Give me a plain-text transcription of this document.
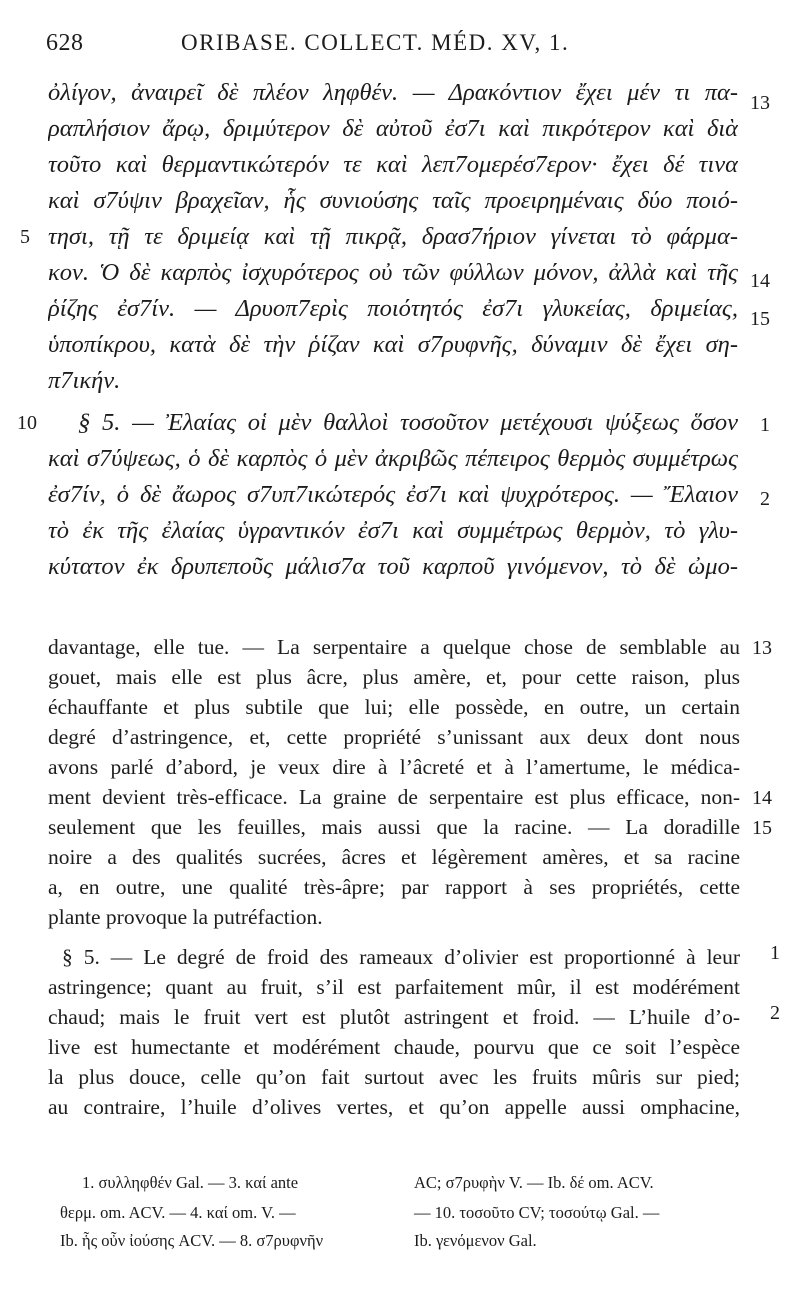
628	ORIBASE. COLLECT. MÉD. XV, 1.
ὀλίγον, ἀναιρεῖ δὲ πλέον ληφθέν. — Δρακόντιον ἔχει μέν τι πα-
ραπλήσιον ἄρῳ, δριμύτερον δὲ αὐτοῦ ἐσ7ι καὶ πικρότερον καὶ διὰ
τοῦτο καὶ θερμαντικώτερόν τε καὶ λεπ7ομερέσ7ερον· ἔχει δέ τινα
καὶ σ7ύψιν βραχεῖαν, ἧς συνιούσης ταῖς προειρημέναις δύο ποιό-
τησι, τῇ τε δριμείᾳ καὶ τῇ πικρᾷ, δρασ7ήριον γίνεται τὸ φάρμα-
κον. Ὁ δὲ καρπὸς ἰσχυρότερος οὐ τῶν φύλλων μόνον, ἀλλὰ καὶ τῆς
ῥίζης ἐσ7ίν. — Δρυοπ7ερὶς ποιότητός ἐσ7ι γλυκείας, δριμείας,
ὑποπίκρου, κατὰ δὲ τὴν ῥίζαν καὶ σ7ρυφνῆς, δύναμιν δὲ ἔχει ση-
π7ικήν.
§ 5. — Ἐλαίας οἱ μὲν θαλλοὶ τοσοῦτον μετέχουσι ψύξεως ὅσον
καὶ σ7ύψεως, ὁ δὲ καρπὸς ὁ μὲν ἀκριβῶς πέπειρος θερμὸς συμμέτρως
ἐσ7ίν, ὁ δὲ ἄωρος σ7υπ7ικώτερός ἐσ7ι καὶ ψυχρότερος. — Ἔλαιον
τὸ ἐκ τῆς ἐλαίας ὑγραντικόν ἐσ7ι καὶ συμμέτρως θερμὸν, τὸ γλυ-
κύτατον ἐκ δρυπεποῦς μάλισ7α τοῦ καρποῦ γινόμενον, τὸ δὲ ὠμο-
5
10
13
14
15
1
2
davantage, elle tue. — La serpentaire a quelque chose de semblable au
gouet, mais elle est plus âcre, plus amère, et, pour cette raison, plus
échauffante et plus subtile que lui; elle possède, en outre, un certain
degré d’astringence, et, cette propriété s’unissant aux deux dont nous
avons parlé d’abord, je veux dire à l’âcreté et à l’amertume, le médica-
ment devient très-efficace. La graine de serpentaire est plus efficace, non-
seulement que les feuilles, mais aussi que la racine. — La doradille
noire a des qualités sucrées, âcres et légèrement amères, et sa racine
a, en outre, une qualité très-âpre; par rapport à ses propriétés, cette
plante provoque la putréfaction.
§ 5. — Le degré de froid des rameaux d’olivier est proportionné à leur
astringence; quant au fruit, s’il est parfaitement mûr, il est modérément
chaud; mais le fruit vert est plutôt astringent et froid. — L’huile d’o-
live est humectante et modérément chaude, pourvu que ce soit l’espèce
la plus douce, celle qu’on fait surtout avec les fruits mûris sur pied;
au contraire, l’huile d’olives vertes, et qu’on appelle aussi omphacine,
13
14
15
1
2
1. συλληφθέν Gal. — 3. καί ante
θερμ. om. ACV. — 4. καί om. V. —
Ib. ἧς οὖν ἰούσης ACV. — 8. σ7ρυφνῆν
AC; σ7ρυφὴν V. — Ib. δέ om. ACV.
— 10. τοσοῦτο CV; τοσούτῳ Gal. —
Ib. γενόμενον Gal.
